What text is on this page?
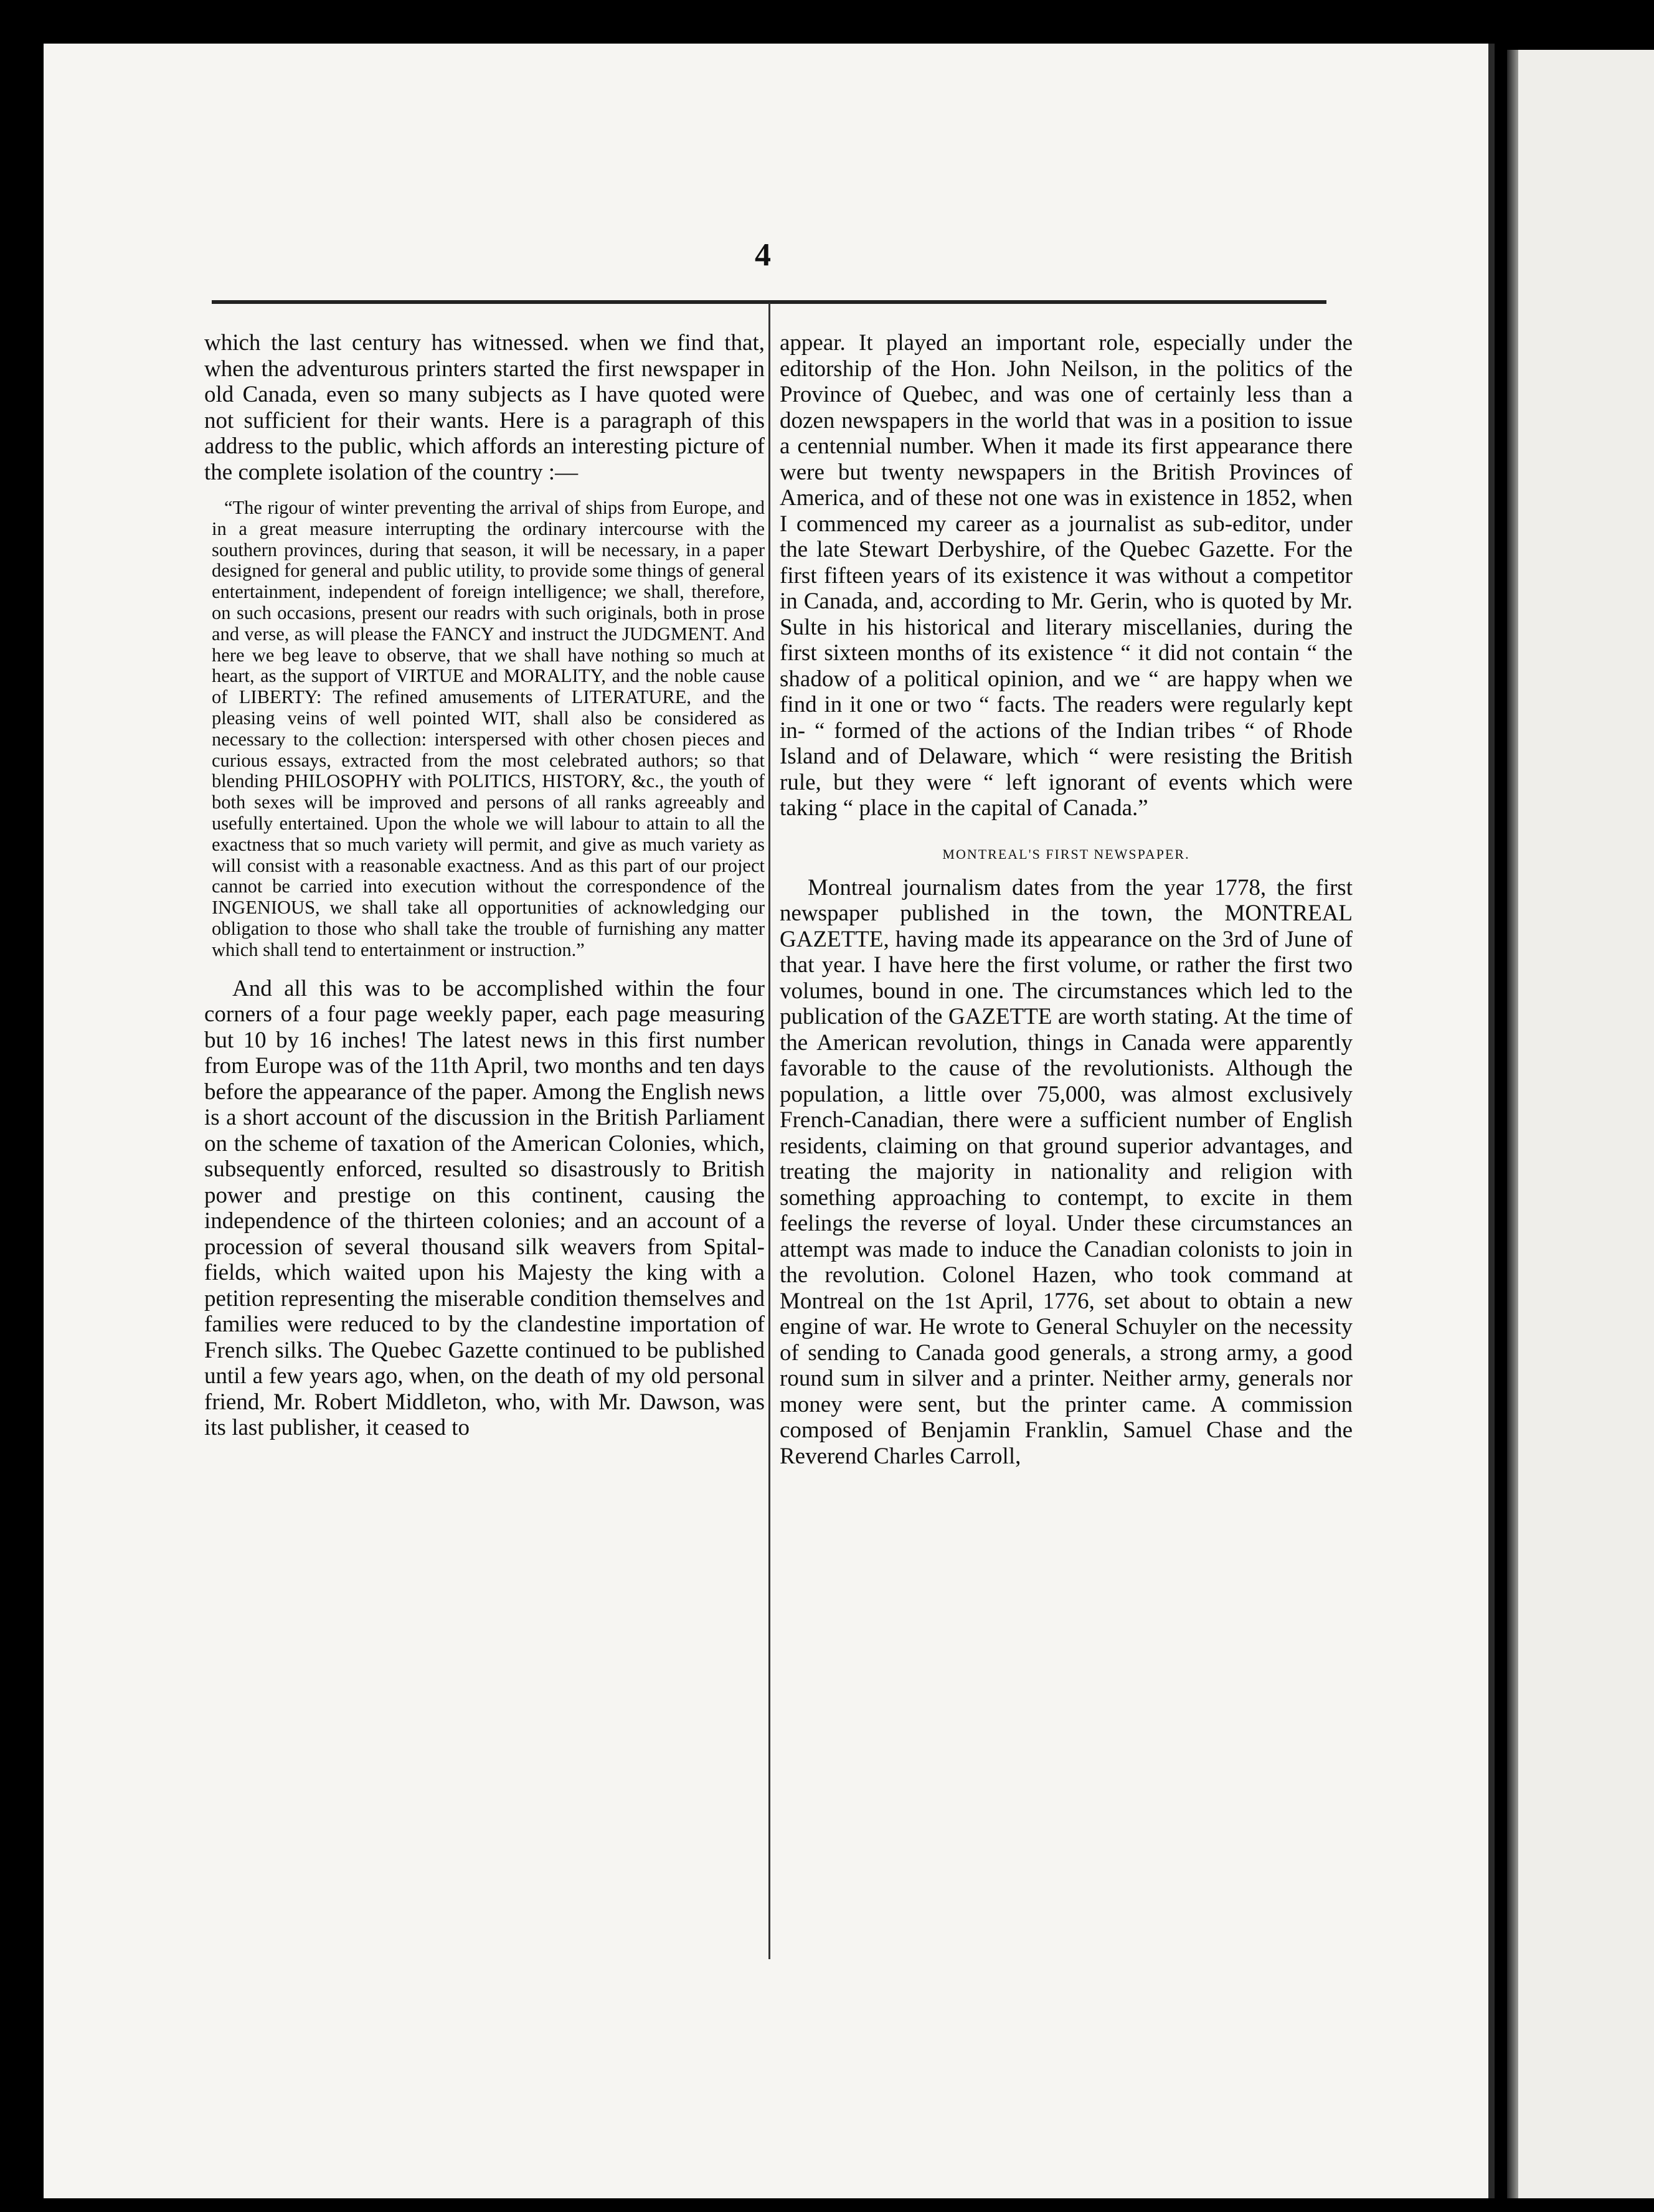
4

which the last century has witnessed. when we find that, when the adventurous printers started the first newspaper in old Canada, even so many subjects as I have quoted were not sufficient for their wants. Here is a paragraph of this address to the public, which affords an interesting picture of the complete isolation of the country :—

“The rigour of winter preventing the arrival of ships from Europe, and in a great measure interrupting the ordinary intercourse with the southern provinces, during that season, it will be necessary, in a paper designed for general and public utility, to provide some things of general entertainment, independent of foreign intelligence; we shall, therefore, on such occasions, present our readrs with such originals, both in prose and verse, as will please the FANCY and instruct the JUDGMENT. And here we beg leave to observe, that we shall have nothing so much at heart, as the support of VIRTUE and MORALITY, and the noble cause of LIBERTY: The refined amusements of LITERATURE, and the pleasing veins of well pointed WIT, shall also be considered as necessary to the collection: interspersed with other chosen pieces and curious essays, extracted from the most celebrated authors; so that blending PHILOSOPHY with POLITICS, HISTORY, &c., the youth of both sexes will be improved and persons of all ranks agreeably and usefully entertained. Upon the whole we will labour to attain to all the exactness that so much variety will permit, and give as much variety as will consist with a reasonable exactness. And as this part of our project cannot be carried into execution without the correspondence of the INGENIOUS, we shall take all opportunities of acknowledging our obligation to those who shall take the trouble of furnishing any matter which shall tend to entertainment or instruction.”

And all this was to be accomplished within the four corners of a four page weekly paper, each page measuring but 10 by 16 inches! The latest news in this first number from Europe was of the 11th April, two months and ten days before the appearance of the paper. Among the English news is a short account of the discussion in the British Parliament on the scheme of taxation of the American Colonies, which, subsequently enforced, resulted so disastrously to British power and prestige on this continent, causing the independence of the thirteen colonies; and an account of a procession of several thousand silk weavers from Spital-fields, which waited upon his Majesty the king with a petition representing the miserable condition themselves and families were reduced to by the clandestine importation of French silks. The Quebec Gazette continued to be published until a few years ago, when, on the death of my old personal friend, Mr. Robert Middleton, who, with Mr. Dawson, was its last publisher, it ceased to

appear. It played an important role, especially under the editorship of the Hon. John Neilson, in the politics of the Province of Quebec, and was one of certainly less than a dozen newspapers in the world that was in a position to issue a centennial number. When it made its first appearance there were but twenty newspapers in the British Provinces of America, and of these not one was in existence in 1852, when I commenced my career as a journalist as sub-editor, under the late Stewart Derbyshire, of the Quebec Gazette. For the first fifteen years of its existence it was without a competitor in Canada, and, according to Mr. Gerin, who is quoted by Mr. Sulte in his historical and literary miscellanies, during the first sixteen months of its existence “ it did not contain “ the shadow of a political opinion, and we “ are happy when we find in it one or two “ facts. The readers were regularly kept in- “ formed of the actions of the Indian tribes “ of Rhode Island and of Delaware, which “ were resisting the British rule, but they were “ left ignorant of events which were taking “ place in the capital of Canada.”

MONTREAL'S FIRST NEWSPAPER.

Montreal journalism dates from the year 1778, the first newspaper published in the town, the MONTREAL GAZETTE, having made its appearance on the 3rd of June of that year. I have here the first volume, or rather the first two volumes, bound in one. The circumstances which led to the publication of the GAZETTE are worth stating. At the time of the American revolution, things in Canada were apparently favorable to the cause of the revolutionists. Although the population, a little over 75,000, was almost exclusively French-Canadian, there were a sufficient number of English residents, claiming on that ground superior advantages, and treating the majority in nationality and religion with something approaching to contempt, to excite in them feelings the reverse of loyal. Under these circumstances an attempt was made to induce the Canadian colonists to join in the revolution. Colonel Hazen, who took command at Montreal on the 1st April, 1776, set about to obtain a new engine of war. He wrote to General Schuyler on the necessity of sending to Canada good generals, a strong army, a good round sum in silver and a printer. Neither army, generals nor money were sent, but the printer came. A commission composed of Benjamin Franklin, Samuel Chase and the Reverend Charles Carroll,
